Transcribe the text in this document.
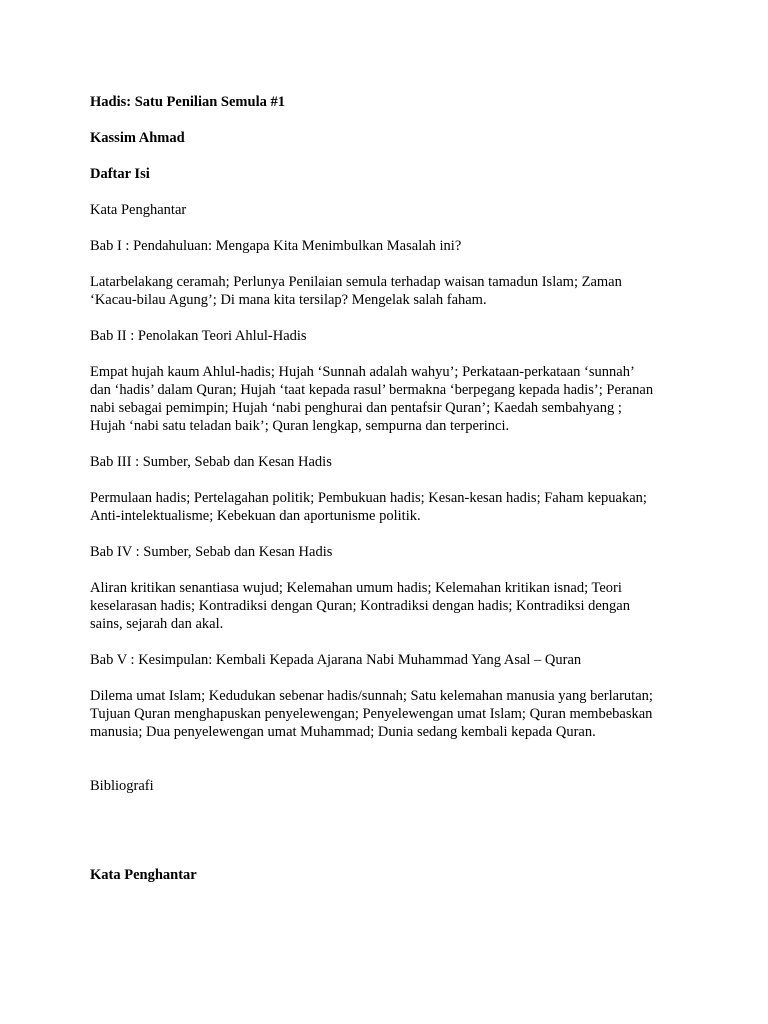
Hadis: Satu Penilian Semula #1

Kassim Ahmad

Daftar Isi

Kata Penghantar

Bab I : Pendahuluan: Mengapa Kita Menimbulkan Masalah ini?

Latarbelakang ceramah; Perlunya Penilaian semula terhadap waisan tamadun Islam; Zaman

‘Kacau-bilau Agung’; Di mana kita tersilap? Mengelak salah faham.

Bab II : Penolakan Teori Ahlul-Hadis

Empat hujah kaum Ahlul-hadis; Hujah ‘Sunnah adalah wahyu’; Perkataan-perkataan ‘sunnah’

dan ‘hadis’ dalam Quran; Hujah ‘taat kepada rasul’ bermakna ‘berpegang kepada hadis’; Peranan

nabi sebagai pemimpin; Hujah ‘nabi penghurai dan pentafsir Quran’; Kaedah sembahyang ;

Hujah ‘nabi satu teladan baik’; Quran lengkap, sempurna dan terperinci.

Bab III : Sumber, Sebab dan Kesan Hadis

Permulaan hadis; Pertelagahan politik; Pembukuan hadis; Kesan-kesan hadis; Faham kepuakan;

Anti-intelektualisme; Kebekuan dan aportunisme politik.

Bab IV : Sumber, Sebab dan Kesan Hadis

Aliran kritikan senantiasa wujud; Kelemahan umum hadis; Kelemahan kritikan isnad; Teori

keselarasan hadis; Kontradiksi dengan Quran; Kontradiksi dengan hadis; Kontradiksi dengan

sains, sejarah dan akal.

Bab V : Kesimpulan: Kembali Kepada Ajarana Nabi Muhammad Yang Asal – Quran

Dilema umat Islam; Kedudukan sebenar hadis/sunnah; Satu kelemahan manusia yang berlarutan;

Tujuan Quran menghapuskan penyelewengan; Penyelewengan umat Islam; Quran membebaskan

manusia; Dua penyelewengan umat Muhammad; Dunia sedang kembali kepada Quran.

Bibliografi

Kata Penghantar
